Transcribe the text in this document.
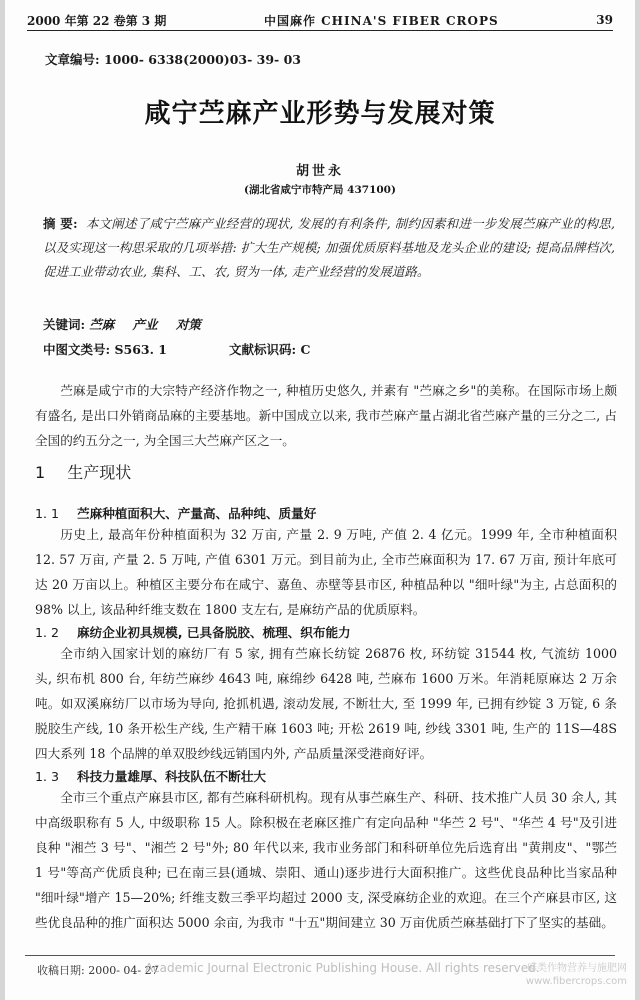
2000 年第 22 卷第 3 期	中国麻作 CHINA'S FIBER CROPS	39
文章编号: 1000- 6338(2000)03- 39- 03
咸宁苎麻产业形势与发展对策
胡世永
(湖北省咸宁市特产局 437100)
摘 要: 本文阐述了咸宁苎麻产业经营的现状, 发展的有利条件, 制约因素和进一步发展苎麻产业的构思, 以及实现这一构思采取的几项举措: 扩大生产规模; 加强优质原料基地及龙头企业的建设; 提高品牌档次, 促进工业带动农业, 集科、工、农, 贸为一体, 走产业经营的发展道路。
关键词: 苎麻 产业 对策
中图文类号: S563. 1	文献标识码: C

苎麻是咸宁市的大宗特产经济作物之一, 种植历史悠久, 并素有 "苎麻之乡"的美称。在国际市场上颇有盛名, 是出口外销商品麻的主要基地。新中国成立以来, 我市苎麻产量占湖北省苎麻产量的三分之二, 占全国的约五分之一, 为全国三大苎麻产区之一。

1 生产现状
1. 1 苎麻种植面积大、产量高、品种纯、质量好

历史上, 最高年份种植面积为 32 万亩, 产量 2. 9 万吨, 产值 2. 4 亿元。1999 年, 全市种植面积 12. 57 万亩, 产量 2. 5 万吨, 产值 6301 万元。到目前为止, 全市苎麻面积为 17. 67 万亩, 预计年底可达 20 万亩以上。种植区主要分布在咸宁、嘉鱼、赤壁等县市区, 种植品种以 "细叶绿"为主, 占总面积的 98% 以上, 该品种纤维支数在 1800 支左右, 是麻纺产品的优质原料。

1. 2 麻纺企业初具规模, 已具备脱胶、梳理、织布能力

全市纳入国家计划的麻纺厂有 5 家, 拥有苎麻长纺锭 26876 枚, 环纺锭 31544 枚, 气流纺 1000 头, 织布机 800 台, 年纺苎麻纱 4643 吨, 麻绵纱 6428 吨, 苎麻布 1600 万米。年消耗原麻达 2 万余吨。如双溪麻纺厂以市场为导向, 抢抓机遇, 滚动发展, 不断壮大, 至 1999 年, 已拥有纱锭 3 万锭, 6 条脱胶生产线, 10 条开松生产线, 生产精干麻 1603 吨; 开松 2619 吨, 纱线 3301 吨, 生产的 11S—48S 四大系列 18 个品牌的单双股纱线远销国内外, 产品质量深受港商好评。

1. 3 科技力量雄厚、科技队伍不断壮大

全市三个重点产麻县市区, 都有苎麻科研机构。现有从事苎麻生产、科研、技术推广人员 30 余人, 其中高级职称有 5 人, 中级职称 15 人。除积极在老麻区推广有定向品种 "华苎 2 号"、"华苎 4 号"及引进良种 "湘苎 3 号"、"湘苎 2 号"外; 80 年代以来, 我市业务部门和科研单位先后选育出 "黄荆皮"、"鄂苎 1 号"等高产优质良种; 已在南三县(通城、崇阳、通山)逐步进行大面积推广。这些优良品种比当家品种 "细叶绿"增产 15—20%; 纤维支数三季平均超过 2000 支, 深受麻纺企业的欢迎。在三个产麻县市区, 这些优良品种的推广面积达 5000 余亩, 为我市 "十五"期间建立 30 万亩优质苎麻基础打下了坚实的基础。

收稿日期: 2000- 04- 27
Academic Journal Electronic Publishing House. All rights reserved.
麻类作物营养与施肥网
www.fibercrops.com
